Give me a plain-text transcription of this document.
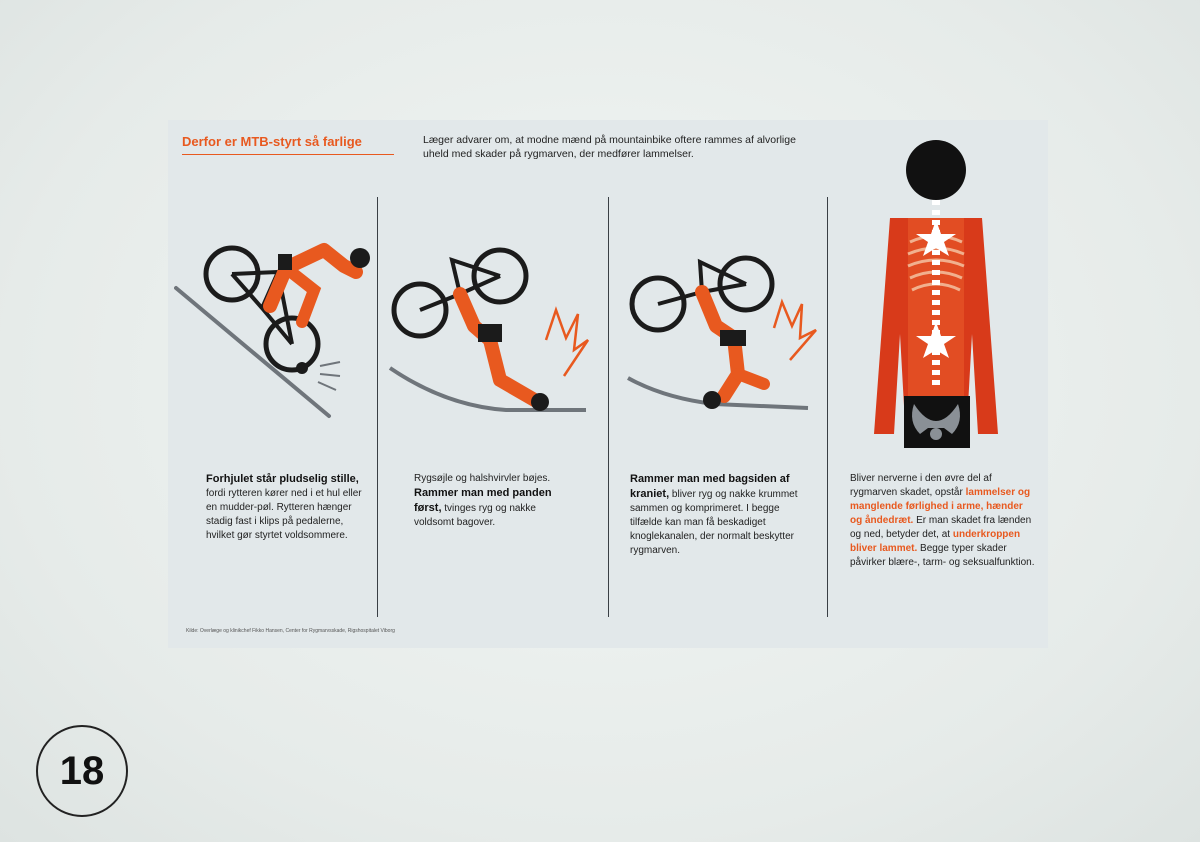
Derfor er MTB-styrt så farlige	Læger advarer om, at modne mænd på mountainbike oftere rammes af alvorlige uheld med skader på rygmarven, der medfører lammelser.
Forhjulet står pludselig stille, fordi rytteren kører ned i et hul eller en mudder-pøl. Rytteren hænger stadig fast i klips på pedalerne, hvilket gør styrtet voldsommere.
Rygsøjle og halshvirvler bøjes. Rammer man med panden først, tvinges ryg og nakke voldsomt bagover.
Rammer man med bagsiden af kraniet, bliver ryg og nakke krummet sammen og komprimeret. I begge tilfælde kan man få beskadiget knoglekanalen, der normalt beskytter rygmarven.
Bliver nerverne i den øvre del af rygmarven skadet, opstår lammelser og manglende førlighed i arme, hænder og åndedræt. Er man skadet fra lænden og ned, betyder det, at underkroppen bliver lammet. Begge typer skader påvirker blære-, tarm- og seksualfunktion.
Kilde: Overlæge og klinikchef Fikko Hansen, Center for Rygmarvsskade, Rigshospitalet Viborg
18
